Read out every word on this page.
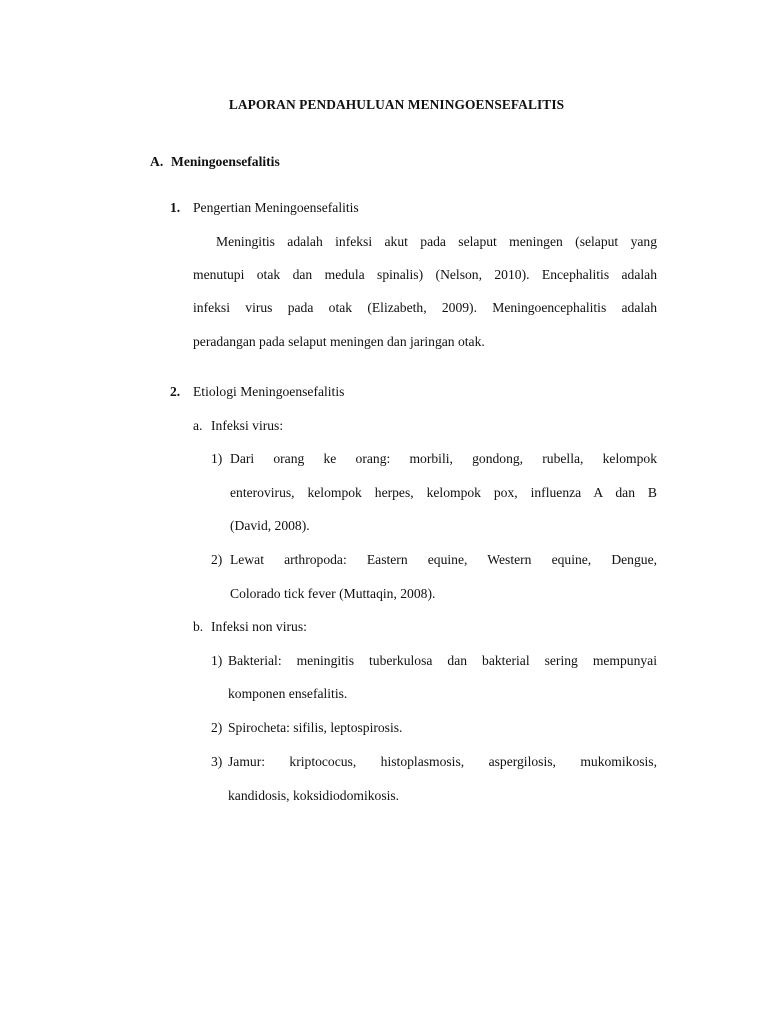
LAPORAN PENDAHULUAN MENINGOENSEFALITIS
A. Meningoensefalitis
1. Pengertian Meningoensefalitis
Meningitis adalah infeksi akut pada selaput meningen (selaput yang
menutupi otak dan medula spinalis) (Nelson, 2010). Encephalitis adalah
infeksi virus pada otak (Elizabeth, 2009). Meningoencephalitis adalah
peradangan pada selaput meningen dan jaringan otak.
2. Etiologi Meningoensefalitis
a. Infeksi virus:
1) Dari orang ke orang: morbili, gondong, rubella, kelompok
enterovirus, kelompok herpes, kelompok pox, influenza A dan B
(David, 2008).
2) Lewat arthropoda: Eastern equine, Western equine, Dengue,
Colorado tick fever (Muttaqin, 2008).
b. Infeksi non virus:
1) Bakterial: meningitis tuberkulosa dan bakterial sering mempunyai
komponen ensefalitis.
2) Spirocheta: sifilis, leptospirosis.
3) Jamur: kriptococus, histoplasmosis, aspergilosis, mukomikosis,
kandidosis, koksidiodomikosis.
